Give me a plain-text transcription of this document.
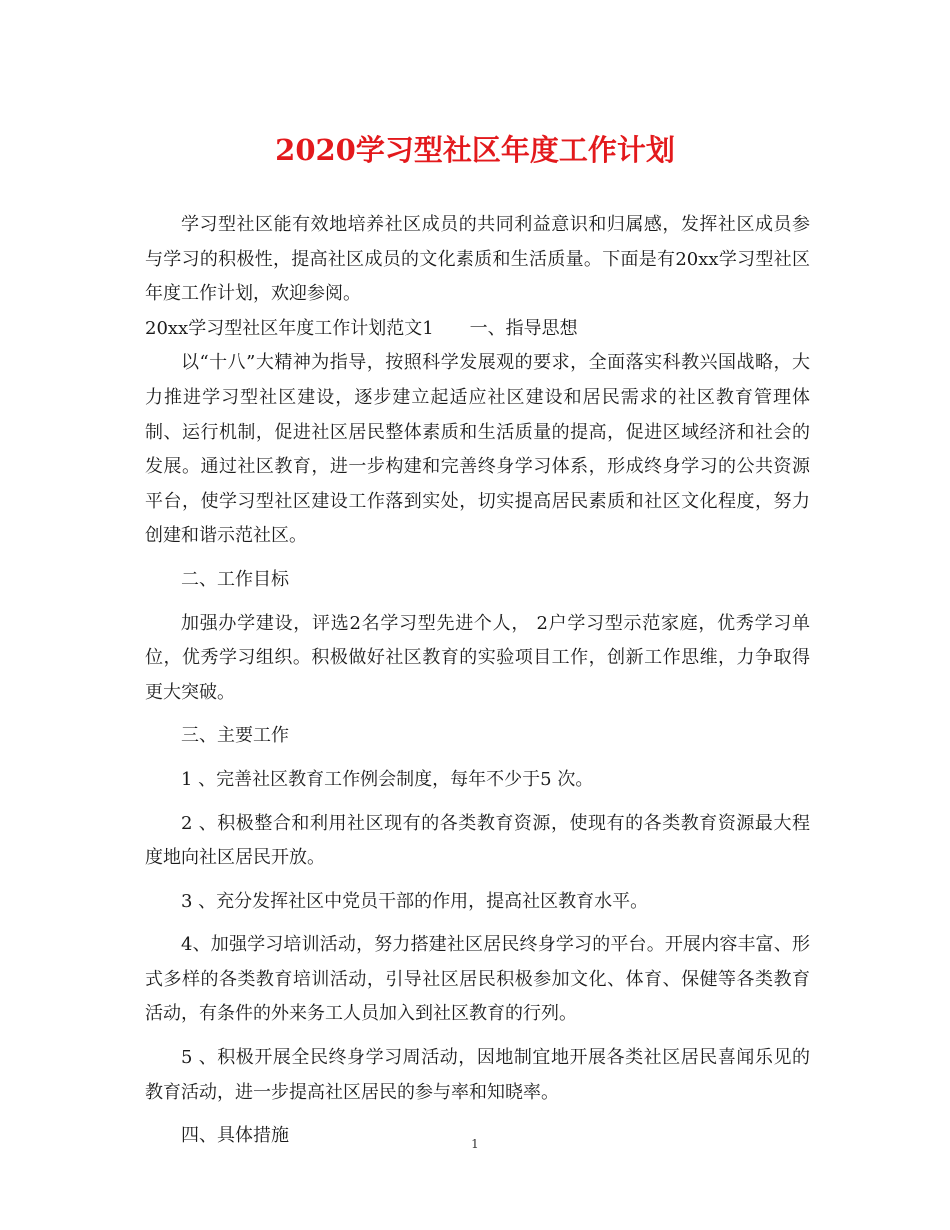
2020学习型社区年度工作计划

学习型社区能有效地培养社区成员的共同利益意识和归属感，发挥社区成员参与学习的积极性，提高社区成员的文化素质和生活质量。下面是有20xx学习型社区年度工作计划，欢迎参阅。

20xx学习型社区年度工作计划范文1 一、指导思想

以“十八”大精神为指导，按照科学发展观的要求，全面落实科教兴国战略，大力推进学习型社区建设，逐步建立起适应社区建设和居民需求的社区教育管理体制、运行机制，促进社区居民整体素质和生活质量的提高，促进区域经济和社会的发展。通过社区教育，进一步构建和完善终身学习体系，形成终身学习的公共资源平台，使学习型社区建设工作落到实处，切实提高居民素质和社区文化程度，努力创建和谐示范社区。

二、工作目标

加强办学建设，评选2名学习型先进个人， 2户学习型示范家庭，优秀学习单位，优秀学习组织。积极做好社区教育的实验项目工作，创新工作思维，力争取得更大突破。

三、主要工作

1 、完善社区教育工作例会制度，每年不少于5 次。

2 、积极整合和利用社区现有的各类教育资源，使现有的各类教育资源最大程度地向社区居民开放。

3 、充分发挥社区中党员干部的作用，提高社区教育水平。

4、加强学习培训活动，努力搭建社区居民终身学习的平台。开展内容丰富、形式多样的各类教育培训活动，引导社区居民积极参加文化、体育、保健等各类教育活动，有条件的外来务工人员加入到社区教育的行列。

5 、积极开展全民终身学习周活动，因地制宜地开展各类社区居民喜闻乐见的教育活动，进一步提高社区居民的参与率和知晓率。

四、具体措施	1
